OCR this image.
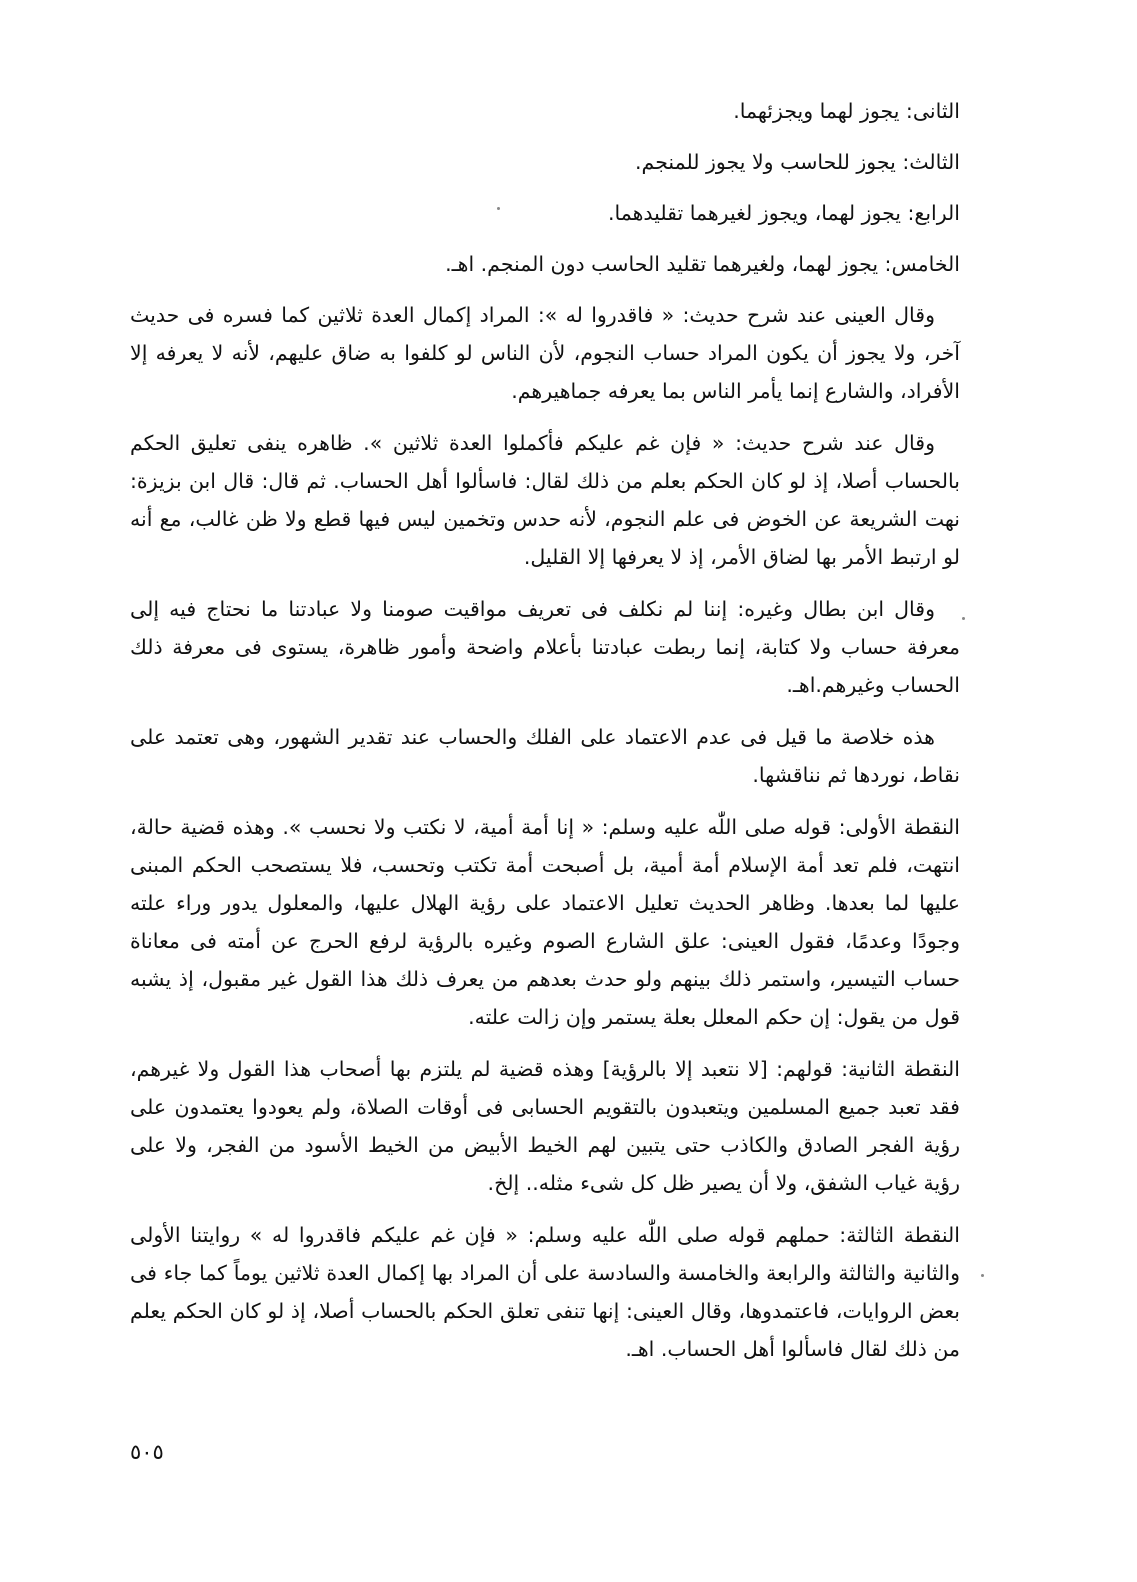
الثانى: يجوز لهما ويجزئهما.
الثالث: يجوز للحاسب ولا يجوز للمنجم.
الرابع: يجوز لهما، ويجوز لغيرهما تقليدهما.
الخامس: يجوز لهما، ولغيرهما تقليد الحاسب دون المنجم. اهـ.

وقال العينى عند شرح حديث: « فاقدروا له »: المراد إكمال العدة ثلاثين كما فسره فى حديث آخر، ولا يجوز أن يكون المراد حساب النجوم، لأن الناس لو كلفوا به ضاق عليهم، لأنه لا يعرفه إلا الأفراد، والشارع إنما يأمر الناس بما يعرفه جماهيرهم.

وقال عند شرح حديث: « فإن غم عليكم فأكملوا العدة ثلاثين ». ظاهره ينفى تعليق الحكم بالحساب أصلا، إذ لو كان الحكم بعلم من ذلك لقال: فاسألوا أهل الحساب. ثم قال: قال ابن بزيزة: نهت الشريعة عن الخوض فى علم النجوم، لأنه حدس وتخمين ليس فيها قطع ولا ظن غالب، مع أنه لو ارتبط الأمر بها لضاق الأمر، إذ لا يعرفها إلا القليل.

وقال ابن بطال وغيره: إننا لم نكلف فى تعريف مواقيت صومنا ولا عبادتنا ما نحتاج فيه إلى معرفة حساب ولا كتابة، إنما ربطت عبادتنا بأعلام واضحة وأمور ظاهرة، يستوى فى معرفة ذلك الحساب وغيرهم.اهـ.

هذه خلاصة ما قيل فى عدم الاعتماد على الفلك والحساب عند تقدير الشهور، وهى تعتمد على نقاط، نوردها ثم نناقشها.

النقطة الأولى: قوله صلى اللّٰه عليه وسلم: « إنا أمة أمية، لا نكتب ولا نحسب ». وهذه قضية حالة، انتهت، فلم تعد أمة الإسلام أمة أمية، بل أصبحت أمة تكتب وتحسب، فلا يستصحب الحكم المبنى عليها لما بعدها. وظاهر الحديث تعليل الاعتماد على رؤية الهلال عليها، والمعلول يدور وراء علته وجودًا وعدمًا، فقول العينى: علق الشارع الصوم وغيره بالرؤية لرفع الحرج عن أمته فى معاناة حساب التيسير، واستمر ذلك بينهم ولو حدث بعدهم من يعرف ذلك هذا القول غير مقبول، إذ يشبه قول من يقول: إن حكم المعلل بعلة يستمر وإن زالت علته.

النقطة الثانية: قولهم: [لا نتعبد إلا بالرؤية] وهذه قضية لم يلتزم بها أصحاب هذا القول ولا غيرهم، فقد تعبد جميع المسلمين ويتعبدون بالتقويم الحسابى فى أوقات الصلاة، ولم يعودوا يعتمدون على رؤية الفجر الصادق والكاذب حتى يتبين لهم الخيط الأبيض من الخيط الأسود من الفجر، ولا على رؤية غياب الشفق، ولا أن يصير ظل كل شىء مثله.. إلخ.

النقطة الثالثة: حملهم قوله صلى اللّٰه عليه وسلم: « فإن غم عليكم فاقدروا له » روايتنا الأولى والثانية والثالثة والرابعة والخامسة والسادسة على أن المراد بها إكمال العدة ثلاثين يوماً كما جاء فى بعض الروايات، فاعتمدوها، وقال العينى: إنها تنفى تعلق الحكم بالحساب أصلا، إذ لو كان الحكم يعلم من ذلك لقال فاسألوا أهل الحساب. اهـ.

٥٠٥
